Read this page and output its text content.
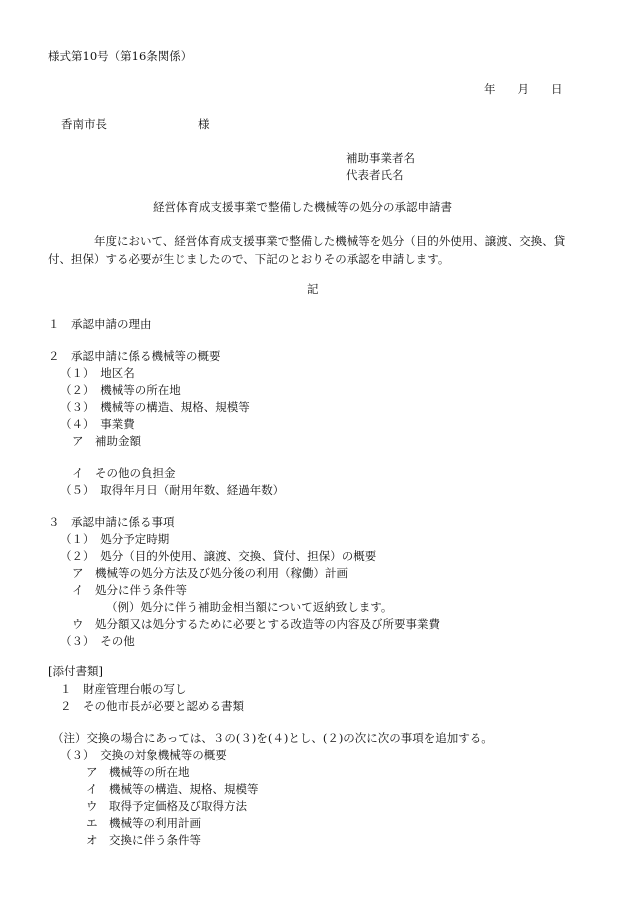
様式第10号（第16条関係）
年 月 日
香南市長	様
補助事業者名
代表者氏名
経営体育成支援事業で整備した機械等の処分の承認申請書
年度において、経営体育成支援事業で整備した機械等を処分（目的外使用、譲渡、交換、貸付、担保）する必要が生じましたので、下記のとおりその承認を申請します。
記
１　承認申請の理由
２　承認申請に係る機械等の概要
（１）　地区名
（２）　機械等の所在地
（３）　機械等の構造、規格、規模等
（４）　事業費
ア　補助金額
イ　その他の負担金
（５）　取得年月日（耐用年数、経過年数）
３　承認申請に係る事項
（１）　処分予定時期
（２）　処分（目的外使用、譲渡、交換、貸付、担保）の概要
ア　機械等の処分方法及び処分後の利用（稼働）計画
イ　処分に伴う条件等
（例）処分に伴う補助金相当額について返納致します。
ウ　処分額又は処分するために必要とする改造等の内容及び所要事業費
（３）　その他
[添付書類]
１　財産管理台帳の写し
２　その他市長が必要と認める書類
（注）交換の場合にあっては、３の(３)を(４)とし、(２)の次に次の事項を追加する。
（３）　交換の対象機械等の概要
ア　機械等の所在地
イ　機械等の構造、規格、規模等
ウ　取得予定価格及び取得方法
エ　機械等の利用計画
オ　交換に伴う条件等
